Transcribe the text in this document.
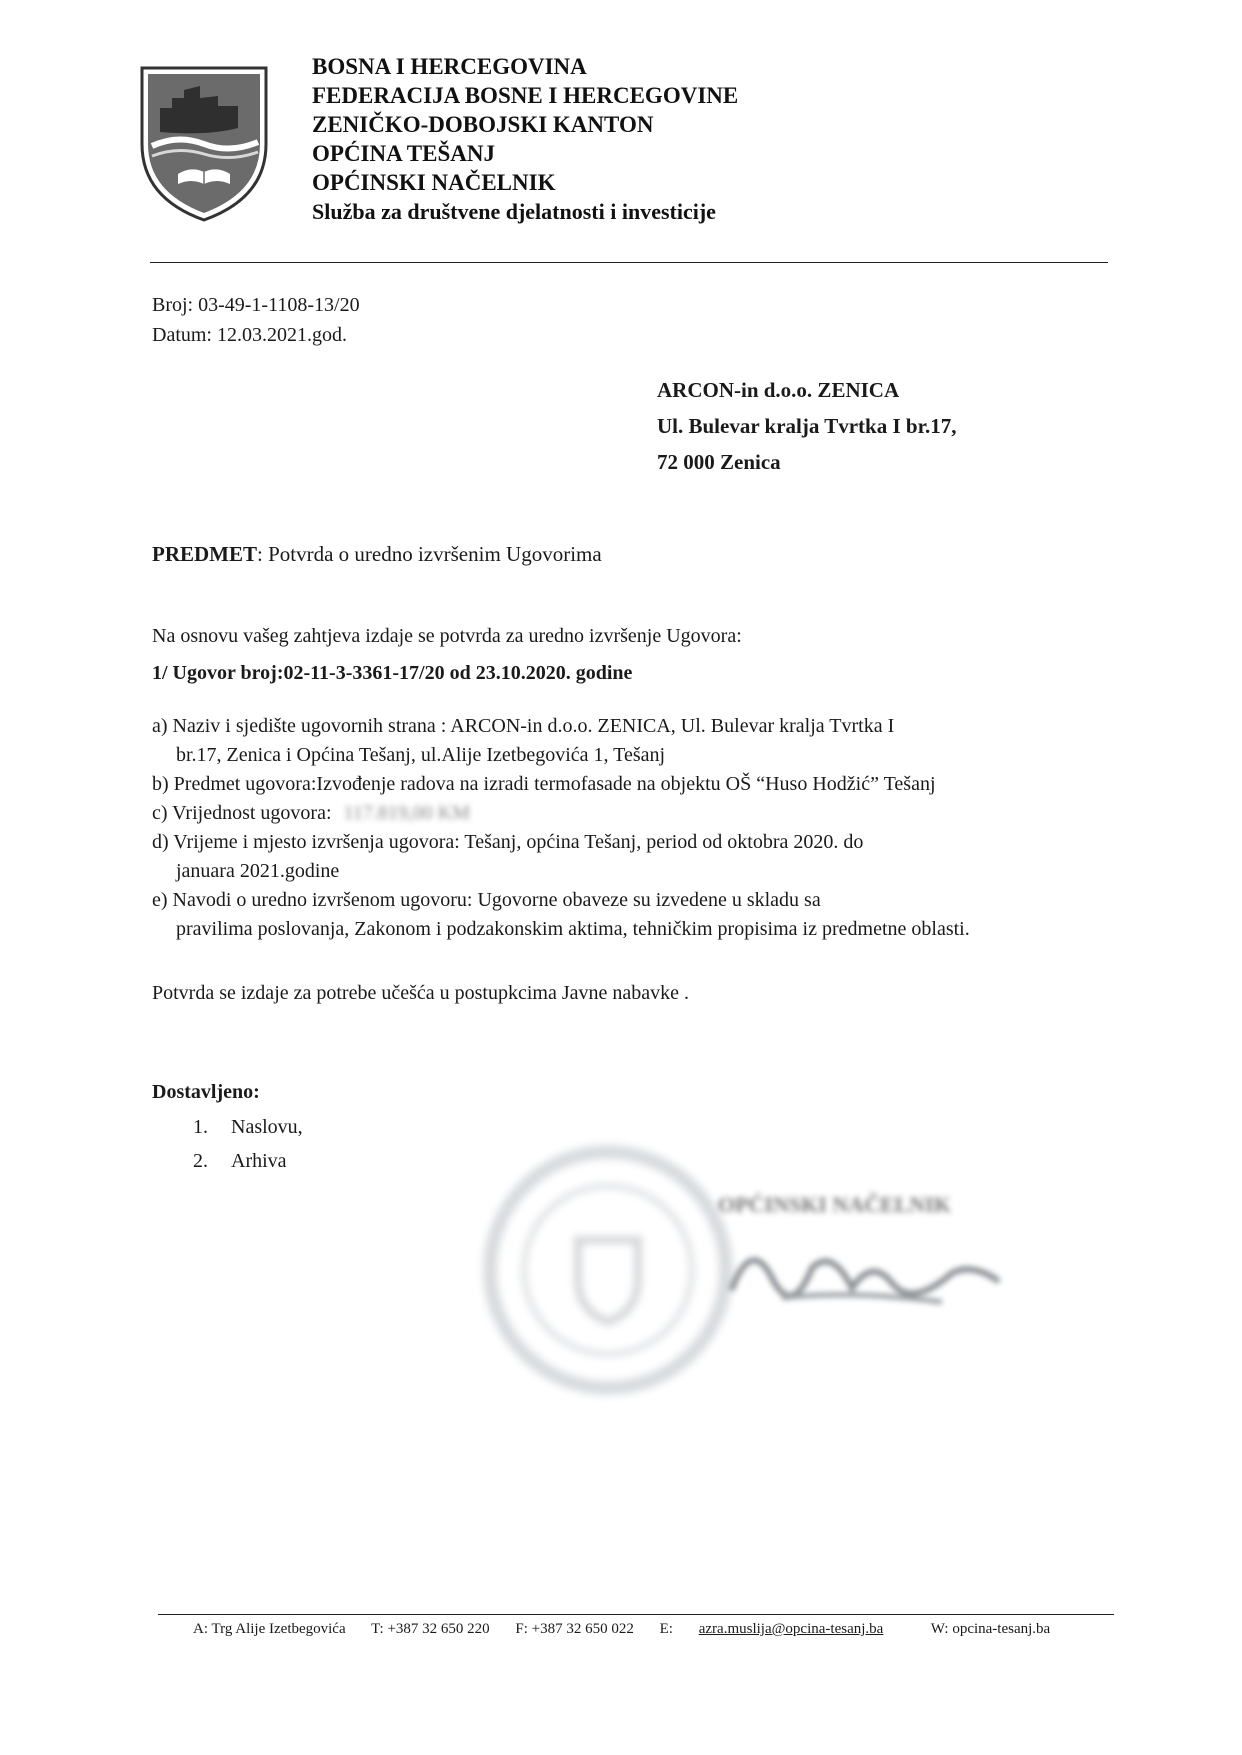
BOSNA I HERCEGOVINA
FEDERACIJA BOSNE I HERCEGOVINE
ZENIČKO-DOBOJSKI KANTON
OPĆINA TEŠANJ
OPĆINSKI NAČELNIK
Služba za društvene djelatnosti i investicije
Broj: 03-49-1-1108-13/20
Datum: 12.03.2021.god.
ARCON-in d.o.o. ZENICA
Ul. Bulevar kralja Tvrtka I br.17,
72 000 Zenica
PREDMET: Potvrda o uredno izvršenim Ugovorima
Na osnovu vašeg zahtjeva izdaje se potvrda za uredno izvršenje Ugovora:
1/ Ugovor broj:02-11-3-3361-17/20 od 23.10.2020. godine
a) Naziv i sjedište ugovornih strana : ARCON-in d.o.o. ZENICA, Ul. Bulevar kralja Tvrtka I
br.17, Zenica i Općina Tešanj, ul.Alije Izetbegovića 1, Tešanj
b) Predmet ugovora:Izvođenje radova na izradi termofasade na objektu OŠ “Huso Hodžić” Tešanj
c) Vrijednost ugovora: 117.819,00 KM
d) Vrijeme i mjesto izvršenja ugovora: Tešanj, općina Tešanj, period od oktobra 2020. do
januara 2021.godine
e) Navodi o uredno izvršenom ugovoru: Ugovorne obaveze su izvedene u skladu sa
pravilima poslovanja, Zakonom i podzakonskim aktima, tehničkim propisima iz predmetne oblasti.
Potvrda se izdaje za potrebe učešća u postupkcima Javne nabavke .
Dostavljeno:
1. Naslovu,
2. Arhiva
OPĆINSKI NAČELNIK
A: Trg Alije Izetbegovića T: +387 32 650 220 F: +387 32 650 022 E: azra.muslija@opcina-tesanj.ba	W: opcina-tesanj.ba
